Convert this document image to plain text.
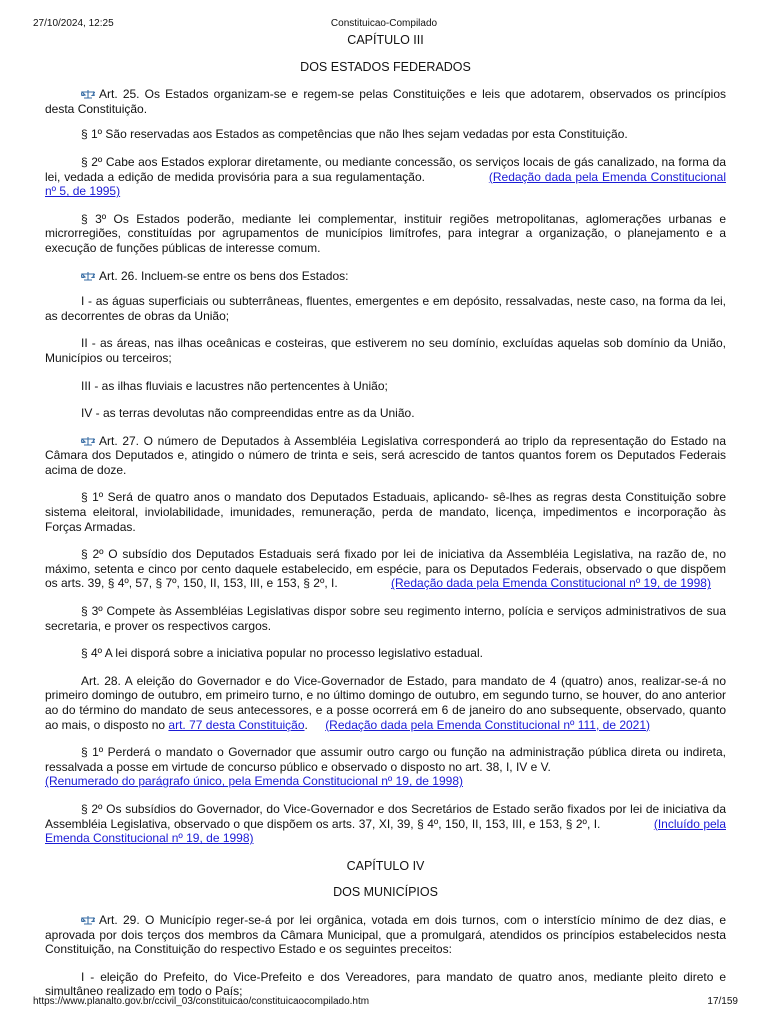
27/10/2024, 12:25	Constituicao-Compilado

CAPÍTULO III

DOS ESTADOS FEDERADOS

Art. 25. Os Estados organizam-se e regem-se pelas Constituições e leis que adotarem, observados os princípios desta Constituição.

§ 1º São reservadas aos Estados as competências que não lhes sejam vedadas por esta Constituição.

§ 2º Cabe aos Estados explorar diretamente, ou mediante concessão, os serviços locais de gás canalizado, na forma da lei, vedada a edição de medida provisória para a sua regulamentação.	(Redação dada pela Emenda Constitucional nº 5, de 1995)

§ 3º Os Estados poderão, mediante lei complementar, instituir regiões metropolitanas, aglomerações urbanas e microrregiões, constituídas por agrupamentos de municípios limítrofes, para integrar a organização, o planejamento e a execução de funções públicas de interesse comum.

Art. 26. Incluem-se entre os bens dos Estados:

I - as águas superficiais ou subterrâneas, fluentes, emergentes e em depósito, ressalvadas, neste caso, na forma da lei, as decorrentes de obras da União;

II - as áreas, nas ilhas oceânicas e costeiras, que estiverem no seu domínio, excluídas aquelas sob domínio da União, Municípios ou terceiros;

III - as ilhas fluviais e lacustres não pertencentes à União;

IV - as terras devolutas não compreendidas entre as da União.

Art. 27. O número de Deputados à Assembléia Legislativa corresponderá ao triplo da representação do Estado na Câmara dos Deputados e, atingido o número de trinta e seis, será acrescido de tantos quantos forem os Deputados Federais acima de doze.

§ 1º Será de quatro anos o mandato dos Deputados Estaduais, aplicando- sê-lhes as regras desta Constituição sobre sistema eleitoral, inviolabilidade, imunidades, remuneração, perda de mandato, licença, impedimentos e incorporação às Forças Armadas.

§ 2º O subsídio dos Deputados Estaduais será fixado por lei de iniciativa da Assembléia Legislativa, na razão de, no máximo, setenta e cinco por cento daquele estabelecido, em espécie, para os Deputados Federais, observado o que dispõem os arts. 39, § 4º, 57, § 7º, 150, II, 153, III, e 153, § 2º, I.	(Redação dada pela Emenda Constitucional nº 19, de 1998)

§ 3º Compete às Assembléias Legislativas dispor sobre seu regimento interno, polícia e serviços administrativos de sua secretaria, e prover os respectivos cargos.

§ 4º A lei disporá sobre a iniciativa popular no processo legislativo estadual.

Art. 28. A eleição do Governador e do Vice-Governador de Estado, para mandato de 4 (quatro) anos, realizar-se-á no primeiro domingo de outubro, em primeiro turno, e no último domingo de outubro, em segundo turno, se houver, do ano anterior ao do término do mandato de seus antecessores, e a posse ocorrerá em 6 de janeiro do ano subsequente, observado, quanto ao mais, o disposto no art. 77 desta Constituição. (Redação dada pela Emenda Constitucional nº 111, de 2021)

§ 1º Perderá o mandato o Governador que assumir outro cargo ou função na administração pública direta ou indireta, ressalvada a posse em virtude de concurso público e observado o disposto no art. 38, I, IV e V.
(Renumerado do parágrafo único, pela Emenda Constitucional nº 19, de 1998)

§ 2º Os subsídios do Governador, do Vice-Governador e dos Secretários de Estado serão fixados por lei de iniciativa da Assembléia Legislativa, observado o que dispõem os arts. 37, XI, 39, § 4º, 150, II, 153, III, e 153, § 2º, I.	(Incluído pela Emenda Constitucional nº 19, de 1998)

CAPÍTULO IV

DOS MUNICÍPIOS

Art. 29. O Município reger-se-á por lei orgânica, votada em dois turnos, com o interstício mínimo de dez dias, e aprovada por dois terços dos membros da Câmara Municipal, que a promulgará, atendidos os princípios estabelecidos nesta Constituição, na Constituição do respectivo Estado e os seguintes preceitos:

I - eleição do Prefeito, do Vice-Prefeito e dos Vereadores, para mandato de quatro anos, mediante pleito direto e simultâneo realizado em todo o País;

https://www.planalto.gov.br/ccivil_03/constituicao/constituicaocompilado.htm	17/159
